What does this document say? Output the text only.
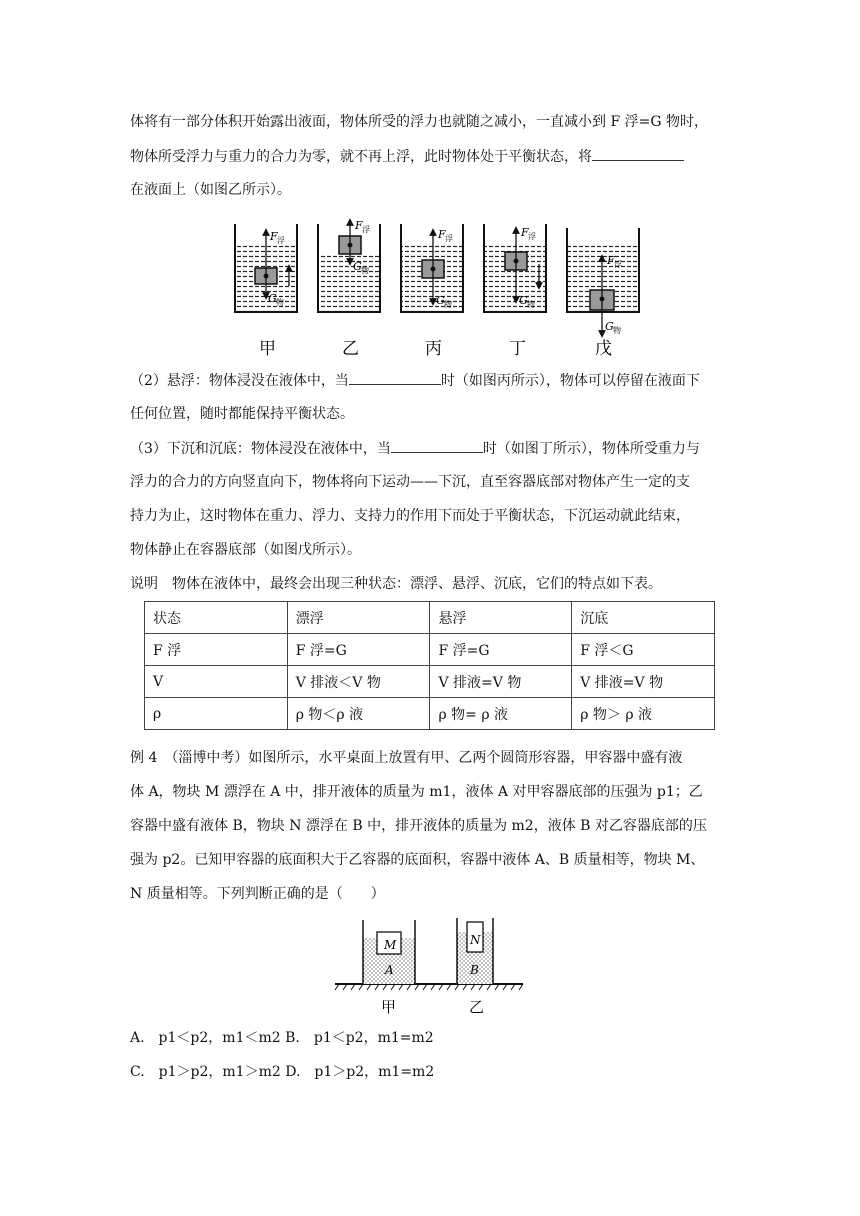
体将有一部分体积开始露出液面，物体所受的浮力也就随之减小，一直减小到 F 浮=G 物时，
物体所受浮力与重力的合力为零，就不再上浮，此时物体处于平衡状态，将
在液面上（如图乙所示）。
F 浮
G 物
F 浮
G 物
F 浮
G 物
F 浮
G 物
F 浮
G 物
甲	乙	丙	丁	戊
（2）悬浮：物体浸没在液体中，当	时（如图丙所示），物体可以停留在液面下
任何位置，随时都能保持平衡状态。
（3）下沉和沉底：物体浸没在液体中，当	时（如图丁所示），物体所受重力与
浮力的合力的方向竖直向下，物体将向下运动——下沉，直至容器底部对物体产生一定的支
持力为止，这时物体在重力、浮力、支持力的作用下而处于平衡状态，下沉运动就此结束，
物体静止在容器底部（如图戊所示）。
说明　物体在液体中，最终会出现三种状态：漂浮、悬浮、沉底，它们的特点如下表。
状态	漂浮	悬浮	沉底
F 浮	F 浮=G	F 浮=G	F 浮＜G
V	V 排液＜V 物	V 排液=V 物	V 排液=V 物
ρ	ρ 物＜ρ 液	ρ 物= ρ 液	ρ 物＞ ρ 液
例 4　（淄博中考）如图所示，水平桌面上放置有甲、乙两个圆筒形容器，甲容器中盛有液
体 A，物块 M 漂浮在 A 中，排开液体的质量为 m1，液体 A 对甲容器底部的压强为 p1；乙
容器中盛有液体 B，物块 N 漂浮在 B 中，排开液体的质量为 m2，液体 B 对乙容器底部的压
强为 p2。已知甲容器的底面积大于乙容器的底面积，容器中液体 A、B 质量相等，物块 M、
N 质量相等。下列判断正确的是（　　）
M
A
N
B
甲	乙
A.　p1＜p2，m1＜m2 B.　p1＜p2，m1=m2
C.　p1＞p2，m1＞m2 D.　p1＞p2，m1=m2
